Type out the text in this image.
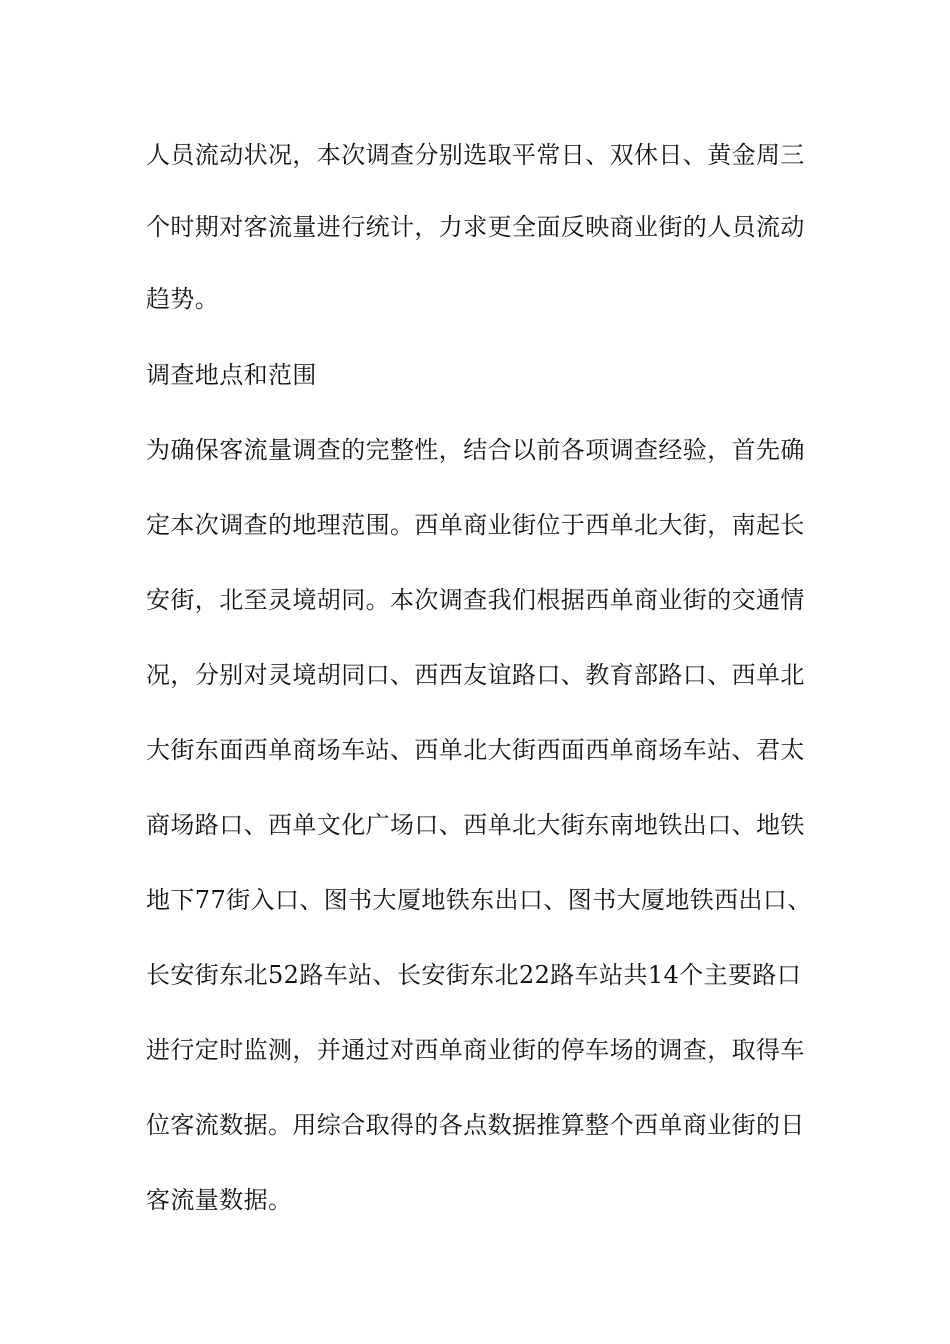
人员流动状况，本次调查分别选取平常日、双休日、黄金周三
个时期对客流量进行统计，力求更全面反映商业街的人员流动
趋势。
调查地点和范围
为确保客流量调查的完整性，结合以前各项调查经验，首先确
定本次调查的地理范围。西单商业街位于西单北大街，南起长
安街，北至灵境胡同。本次调查我们根据西单商业街的交通情
况，分别对灵境胡同口、西西友谊路口、教育部路口、西单北
大街东面西单商场车站、西单北大街西面西单商场车站、君太
商场路口、西单文化广场口、西单北大街东南地铁出口、地铁
地下77街入口、图书大厦地铁东出口、图书大厦地铁西出口、
长安街东北52路车站、长安街东北22路车站共14个主要路口
进行定时监测，并通过对西单商业街的停车场的调查，取得车
位客流数据。用综合取得的各点数据推算整个西单商业街的日
客流量数据。
